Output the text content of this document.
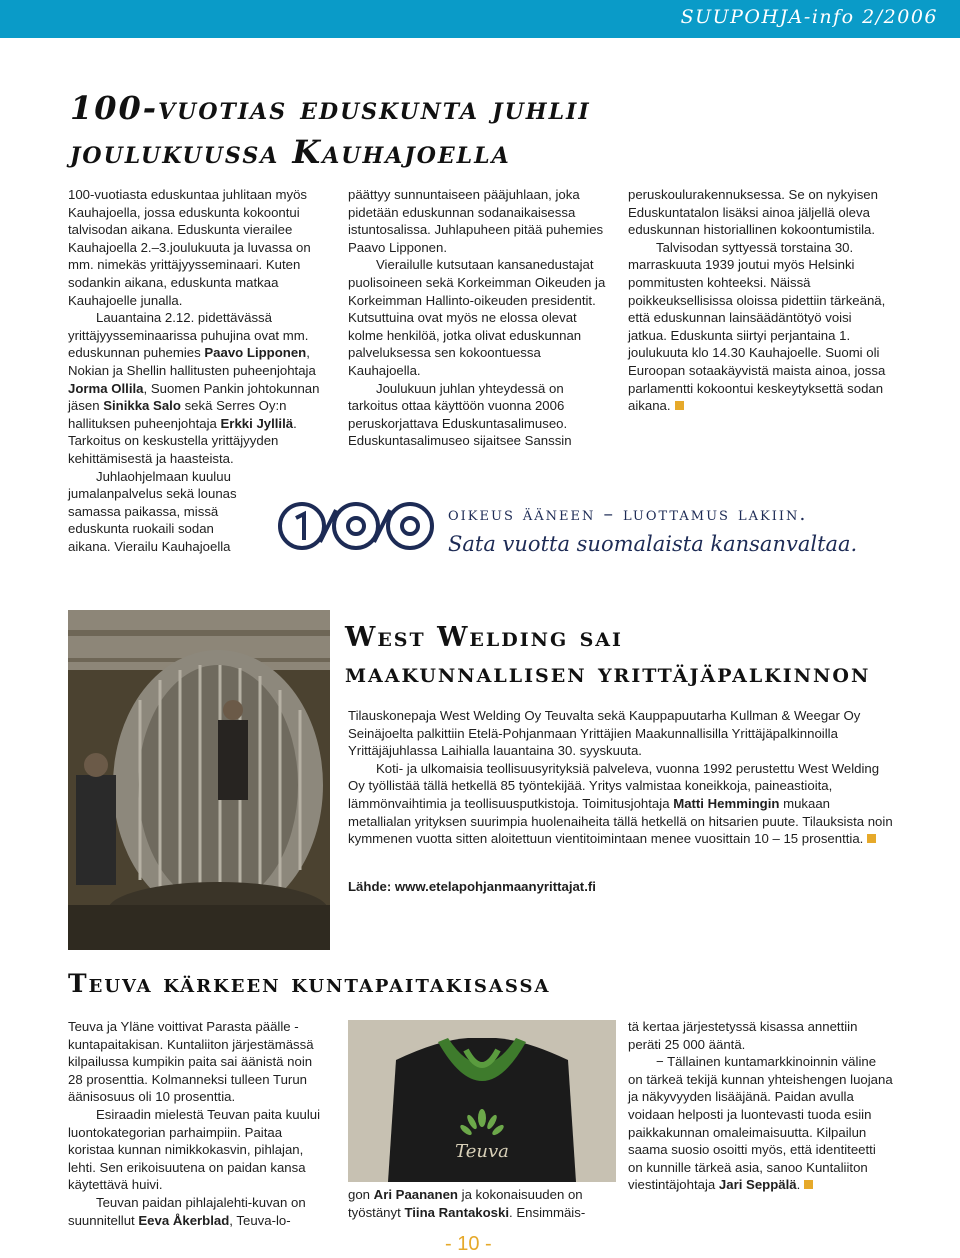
SUUPOHJA-info 2/2006
100-vuotias eduskunta juhlii
joulukuussa Kauhajoella

100-vuotiasta eduskuntaa juhlitaan myös Kauhajoella, jossa eduskunta kokoontui talvisodan aikana. Eduskunta vierailee Kauhajoella 2.–3.joulukuuta ja luvassa on mm. nimekäs yrittäjyysseminaari. Kuten sodankin aikana, eduskunta matkaa Kauhajoelle junalla.

Lauantaina 2.12. pidettävässä yrittäjyysseminaarissa puhujina ovat mm. eduskunnan puhemies Paavo Lipponen, Nokian ja Shellin hallitusten puheenjohtaja Jorma Ollila, Suomen Pankin johtokunnan jäsen Sinikka Salo sekä Serres Oy:n hallituksen puheenjohtaja Erkki Jyllilä. Tarkoitus on keskustella yrittäjyyden kehittämisestä ja haasteista.

Juhlaohjelmaan kuuluu jumalanpalvelus sekä lounas samassa paikassa, missä eduskunta ruokaili sodan aikana. Vierailu Kauhajoella

päättyy sunnuntaiseen pääjuhlaan, joka pidetään eduskunnan sodanaikaisessa istuntosalissa. Juhlapuheen pitää puhemies Paavo Lipponen.

Vierailulle kutsutaan kansanedustajat puolisoineen sekä Korkeimman Oikeuden ja Korkeimman Hallinto-oikeuden presidentit. Kutsuttuina ovat myös ne elossa olevat kolme henkilöä, jotka olivat eduskunnan palveluksessa sen kokoontuessa Kauhajoella.

Joulukuun juhlan yhteydessä on tarkoitus ottaa käyttöön vuonna 2006 peruskorjattava Eduskuntasalimuseo. Eduskuntasalimuseo sijaitsee Sanssin

peruskoulurakennuksessa. Se on nykyisen Eduskuntatalon lisäksi ainoa jäljellä oleva eduskunnan historiallinen kokoontumistila.

Talvisodan syttyessä torstaina 30. marraskuuta 1939 joutui myös Helsinki pommitusten kohteeksi. Näissä poikkeuksellisissa oloissa pidettiin tärkeänä, että eduskunnan lainsäädäntötyö voisi jatkua. Eduskunta siirtyi perjantaina 1. joulukuuta klo 14.30 Kauhajoelle. Suomi oli Euroopan sotaakäyvistä maista ainoa, jossa parlamentti kokoontui keskeytyksettä sodan aikana.

oikeus ääneen – luottamus lakiin.
Sata vuotta suomalaista kansanvaltaa.
West Welding sai
maakunnallisen yrittäjäpalkinnon

Tilauskonepaja West Welding Oy Teuvalta sekä Kauppapuutarha Kullman & Weegar Oy Seinäjoelta palkittiin Etelä-Pohjanmaan Yrittäjien Maakunnallisilla Yrittäjäpalkinnoilla Yrittäjäjuhlassa Laihialla lauantaina 30. syyskuuta.

Koti- ja ulkomaisia teollisuusyrityksiä palveleva, vuonna 1992 perustettu West Welding Oy työllistää tällä hetkellä 85 työntekijää. Yritys valmistaa koneikkoja, paineastioita, lämmönvaihtimia ja teollisuusputkistoja. Toimitusjohtaja Matti Hemmingin mukaan metallialan yrityksen suurimpia huolenaiheita tällä hetkellä on hitsarien puute. Tilauksista noin kymmenen vuotta sitten aloitettuun vientitoimintaan menee vuosittain 10 – 15 prosenttia.

Lähde: www.etelapohjanmaanyrittajat.fi
Teuva kärkeen kuntapaitakisassa

Teuva ja Yläne voittivat Parasta päälle -kuntapaitakisan. Kuntaliiton järjestämässä kilpailussa kumpikin paita sai äänistä noin 28 prosenttia. Kolmanneksi tulleen Turun äänisosuus oli 10 prosenttia.

Esiraadin mielestä Teuvan paita kuului luontokategorian parhaimpiin. Paitaa koristaa kunnan nimikkokasvin, pihlajan, lehti. Sen erikoisuutena on paidan kansa käytettävä huivi.

Teuvan paidan pihlajalehti-kuvan on suunnitellut Eeva Åkerblad, Teuva-lo-

Teuva

gon Ari Paananen ja kokonaisuuden on työstänyt Tiina Rantakoski. Ensimmäis-

tä kertaa järjestetyssä kisassa annettiin peräti 25 000 ääntä.

− Tällainen kuntamarkkinoinnin väline on tärkeä tekijä kunnan yhteishengen luojana ja näkyvyyden lisääjänä. Paidan avulla voidaan helposti ja luontevasti tuoda esiin paikkakunnan omaleimaisuutta. Kilpailun saama suosio osoitti myös, että identiteetti on kunnille tärkeä asia, sanoo Kuntaliiton viestintäjohtaja Jari Seppälä.

- 10 -
